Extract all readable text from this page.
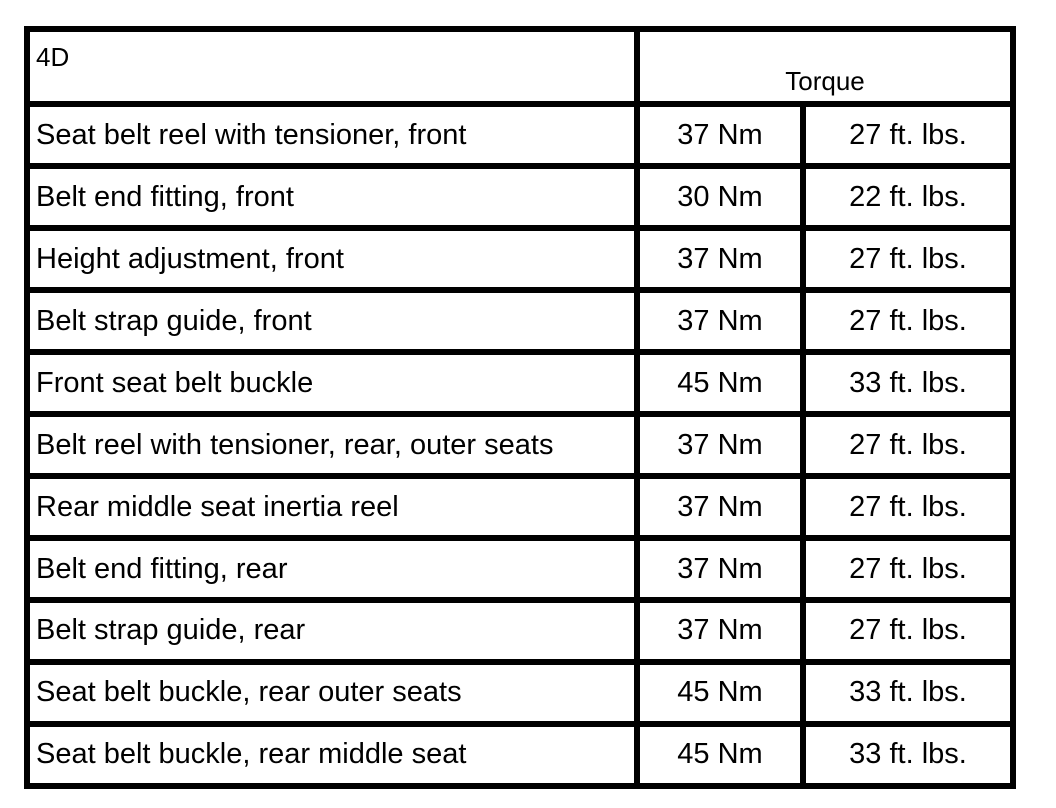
4D	Torque	
Seat belt reel with tensioner, front	37 Nm	27 ft. lbs.
Belt end fitting, front	30 Nm	22 ft. lbs.
Height adjustment, front	37 Nm	27 ft. lbs.
Belt strap guide, front	37 Nm	27 ft. lbs.
Front seat belt buckle	45 Nm	33 ft. lbs.
Belt reel with tensioner, rear, outer seats	37 Nm	27 ft. lbs.
Rear middle seat inertia reel	37 Nm	27 ft. lbs.
Belt end fitting, rear	37 Nm	27 ft. lbs.
Belt strap guide, rear	37 Nm	27 ft. lbs.
Seat belt buckle, rear outer seats	45 Nm	33 ft. lbs.
Seat belt buckle, rear middle seat	45 Nm	33 ft. lbs.
